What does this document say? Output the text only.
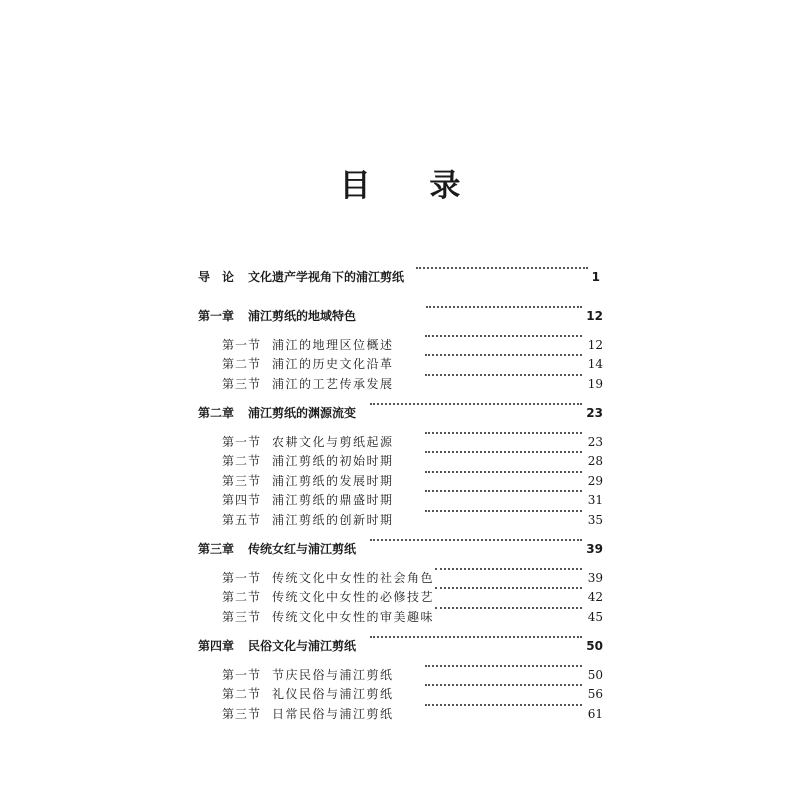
目 录
导　论 文化遗产学视角下的浦江剪纸	1
第一章 浦江剪纸的地域特色	12
第一节 浦江的地理区位概述	12
第二节 浦江的历史文化沿革	14
第三节 浦江的工艺传承发展	19
第二章 浦江剪纸的渊源流变	23
第一节 农耕文化与剪纸起源	23
第二节 浦江剪纸的初始时期	28
第三节 浦江剪纸的发展时期	29
第四节 浦江剪纸的鼎盛时期	31
第五节 浦江剪纸的创新时期	35
第三章 传统女红与浦江剪纸	39
第一节 传统文化中女性的社会角色	39
第二节 传统文化中女性的必修技艺	42
第三节 传统文化中女性的审美趣味	45
第四章 民俗文化与浦江剪纸	50
第一节 节庆民俗与浦江剪纸	50
第二节 礼仪民俗与浦江剪纸	56
第三节 日常民俗与浦江剪纸	61
